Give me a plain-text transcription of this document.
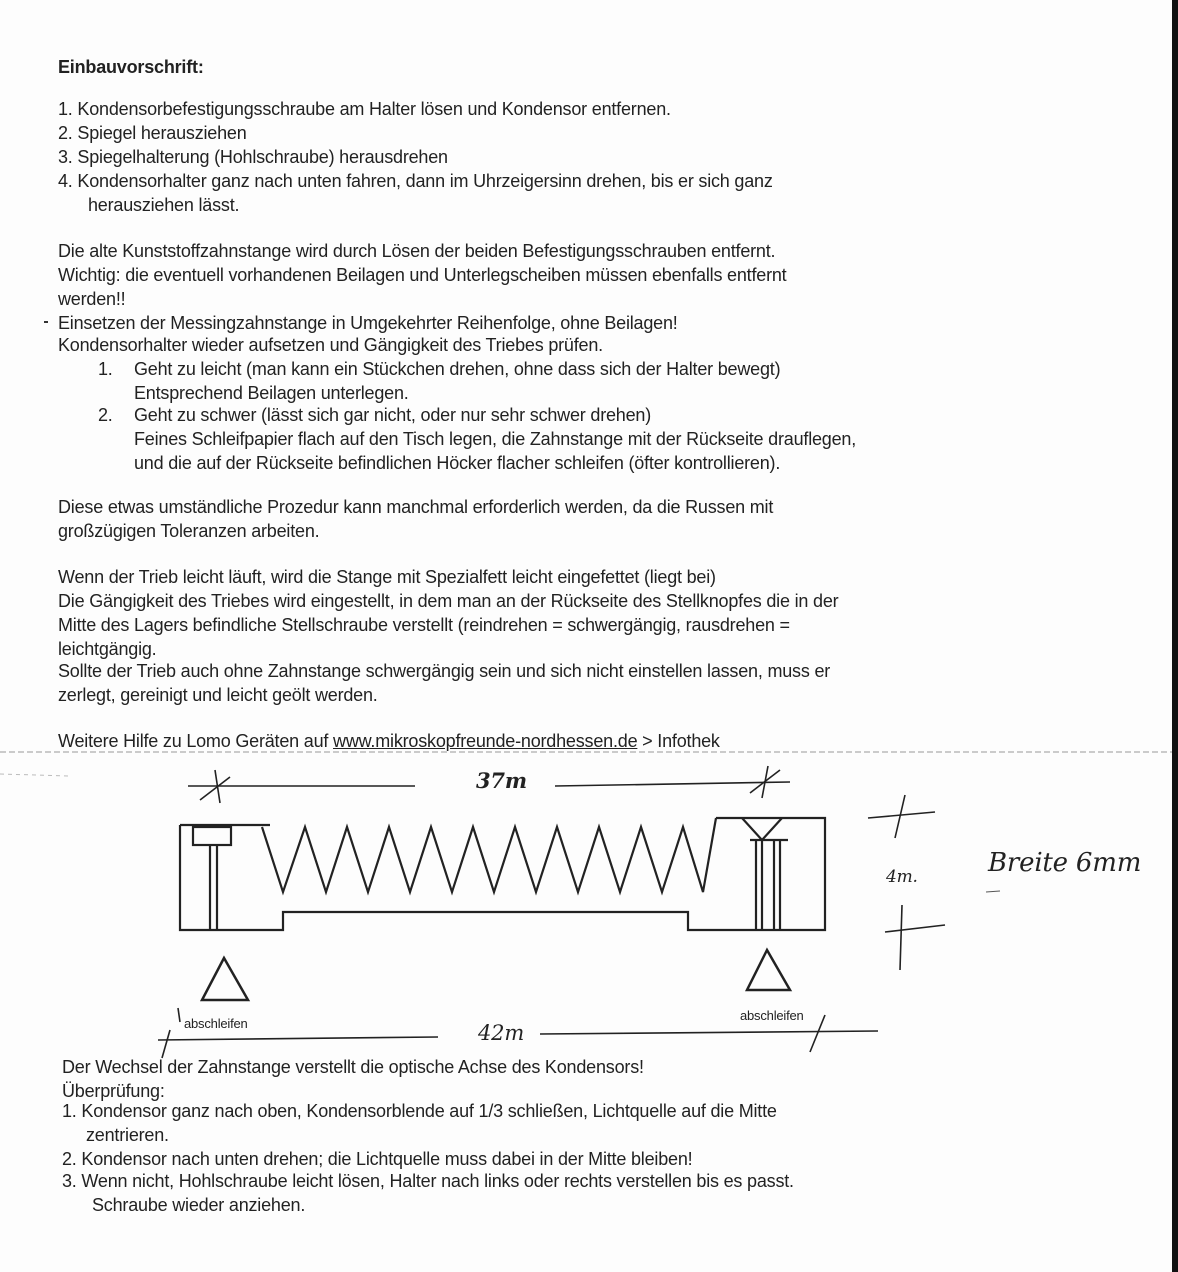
Einbauvorschrift:
1. Kondensorbefestigungsschraube am Halter lösen und Kondensor entfernen.
2. Spiegel herausziehen
3. Spiegelhalterung (Hohlschraube) herausdrehen
4. Kondensorhalter ganz nach unten fahren, dann im Uhrzeigersinn drehen, bis er sich ganz
herausziehen lässt.
Die alte Kunststoffzahnstange wird durch Lösen der beiden Befestigungsschrauben entfernt.
Wichtig: die eventuell vorhandenen Beilagen und Unterlegscheiben müssen ebenfalls entfernt
werden!!
Einsetzen der Messingzahnstange in Umgekehrter Reihenfolge, ohne Beilagen!
Kondensorhalter wieder aufsetzen und Gängigkeit des Triebes prüfen.
1. Geht zu leicht (man kann ein Stückchen drehen, ohne dass sich der Halter bewegt)
Entsprechend Beilagen unterlegen.
2. Geht zu schwer (lässt sich gar nicht, oder nur sehr schwer drehen)
Feines Schleifpapier flach auf den Tisch legen, die Zahnstange mit der Rückseite drauflegen,
und die auf der Rückseite befindlichen Höcker flacher schleifen (öfter kontrollieren).
Diese etwas umständliche Prozedur kann manchmal erforderlich werden, da die Russen mit
großzügigen Toleranzen arbeiten.
Wenn der Trieb leicht läuft, wird die Stange mit Spezialfett leicht eingefettet (liegt bei)
Die Gängigkeit des Triebes wird eingestellt, in dem man an der Rückseite des Stellknopfes die in der
Mitte des Lagers befindliche Stellschraube verstellt (reindrehen = schwergängig, rausdrehen =
leichtgängig.
Sollte der Trieb auch ohne Zahnstange schwergängig sein und sich nicht einstellen lassen, muss er
zerlegt, gereinigt und leicht geölt werden.
Weitere Hilfe zu Lomo Geräten auf www.mikroskopfreunde-nordhessen.de > Infothek
37m
42m
4m.	Breite 6mm
abschleifen
abschleifen
Der Wechsel der Zahnstange verstellt die optische Achse des Kondensors!
Überprüfung:
1. Kondensor ganz nach oben, Kondensorblende auf 1/3 schließen, Lichtquelle auf die Mitte
zentrieren.
2. Kondensor nach unten drehen; die Lichtquelle muss dabei in der Mitte bleiben!
3. Wenn nicht, Hohlschraube leicht lösen, Halter nach links oder rechts verstellen bis es passt.
Schraube wieder anziehen.
